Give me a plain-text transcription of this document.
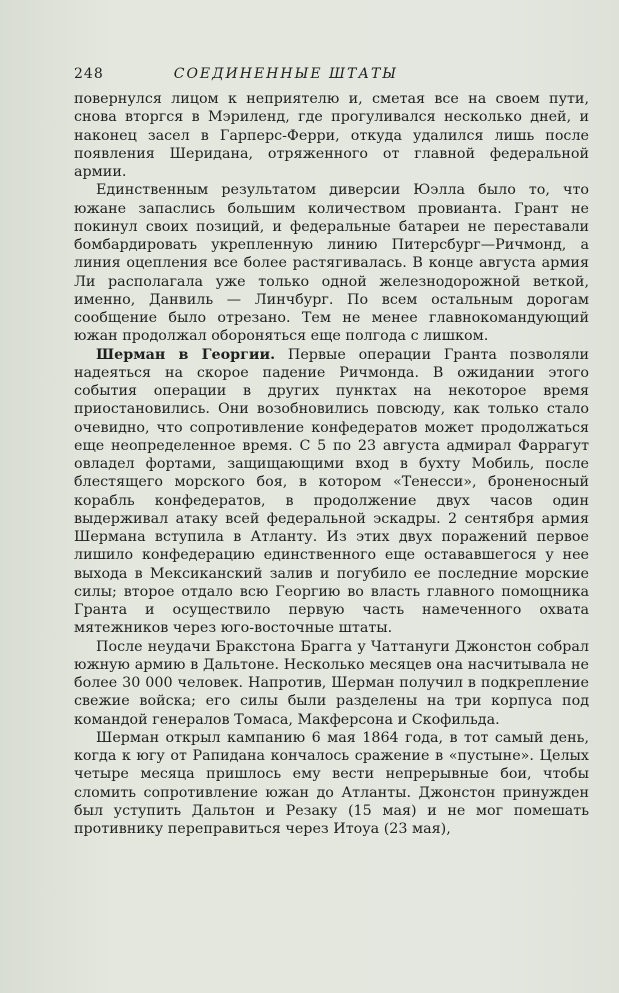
248	СОЕДИНЕННЫЕ ШТАТЫ

повернулся лицом к неприятелю и, сметая все на своем пути, снова вторгся в Мэриленд, где прогуливался несколько дней, и наконец засел в Гарперс-Ферри, откуда удалился лишь после появления Шеридана, отряженного от главной федеральной армии.

Единственным результатом диверсии Юэлла было то, что южане запаслись большим количеством провианта. Грант не покинул своих позиций, и федеральные батареи не переставали бомбардировать укрепленную линию Питерсбург—Ричмонд, а линия оцепления все более растягивалась. В конце августа армия Ли располагала уже только одной железнодорожной веткой, именно, Данвиль — Линчбург. По всем остальным дорогам сообщение было отрезано. Тем не менее главнокомандующий южан продолжал обороняться еще полгода с лишком.

Шерман в Георгии. Первые операции Гранта позволяли надеяться на скорое падение Ричмонда. В ожидании этого события операции в других пунктах на некоторое время приостановились. Они возобновились повсюду, как только стало очевидно, что сопротивление конфедератов может продолжаться еще неопределенное время. С 5 по 23 августа адмирал Фаррагут овладел фортами, защищающими вход в бухту Мобиль, после блестящего морского боя, в котором «Тенесси», броненосный корабль конфедератов, в продолжение двух часов один выдерживал атаку всей федеральной эскадры. 2 сентября армия Шермана вступила в Атланту. Из этих двух поражений первое лишило конфедерацию единственного еще остававшегося у нее выхода в Мексиканский залив и погубило ее последние морские силы; второе отдало всю Георгию во власть главного помощника Гранта и осуществило первую часть намеченного охвата мятежников через юго-восточные штаты.

После неудачи Бракстона Брагга у Чаттануги Джонстон собрал южную армию в Дальтоне. Несколько месяцев она насчитывала не более 30 000 человек. Напротив, Шерман получил в подкрепление свежие войска; его силы были разделены на три корпуса под командой генералов Томаса, Макферсона и Скофильда.

Шерман открыл кампанию 6 мая 1864 года, в тот самый день, когда к югу от Рапидана кончалось сражение в «пустыне». Целых четыре месяца пришлось ему вести непрерывные бои, чтобы сломить сопротивление южан до Атланты. Джонстон принужден был уступить Дальтон и Резаку (15 мая) и не мог помешать противнику переправиться через Итоуа (23 мая),
